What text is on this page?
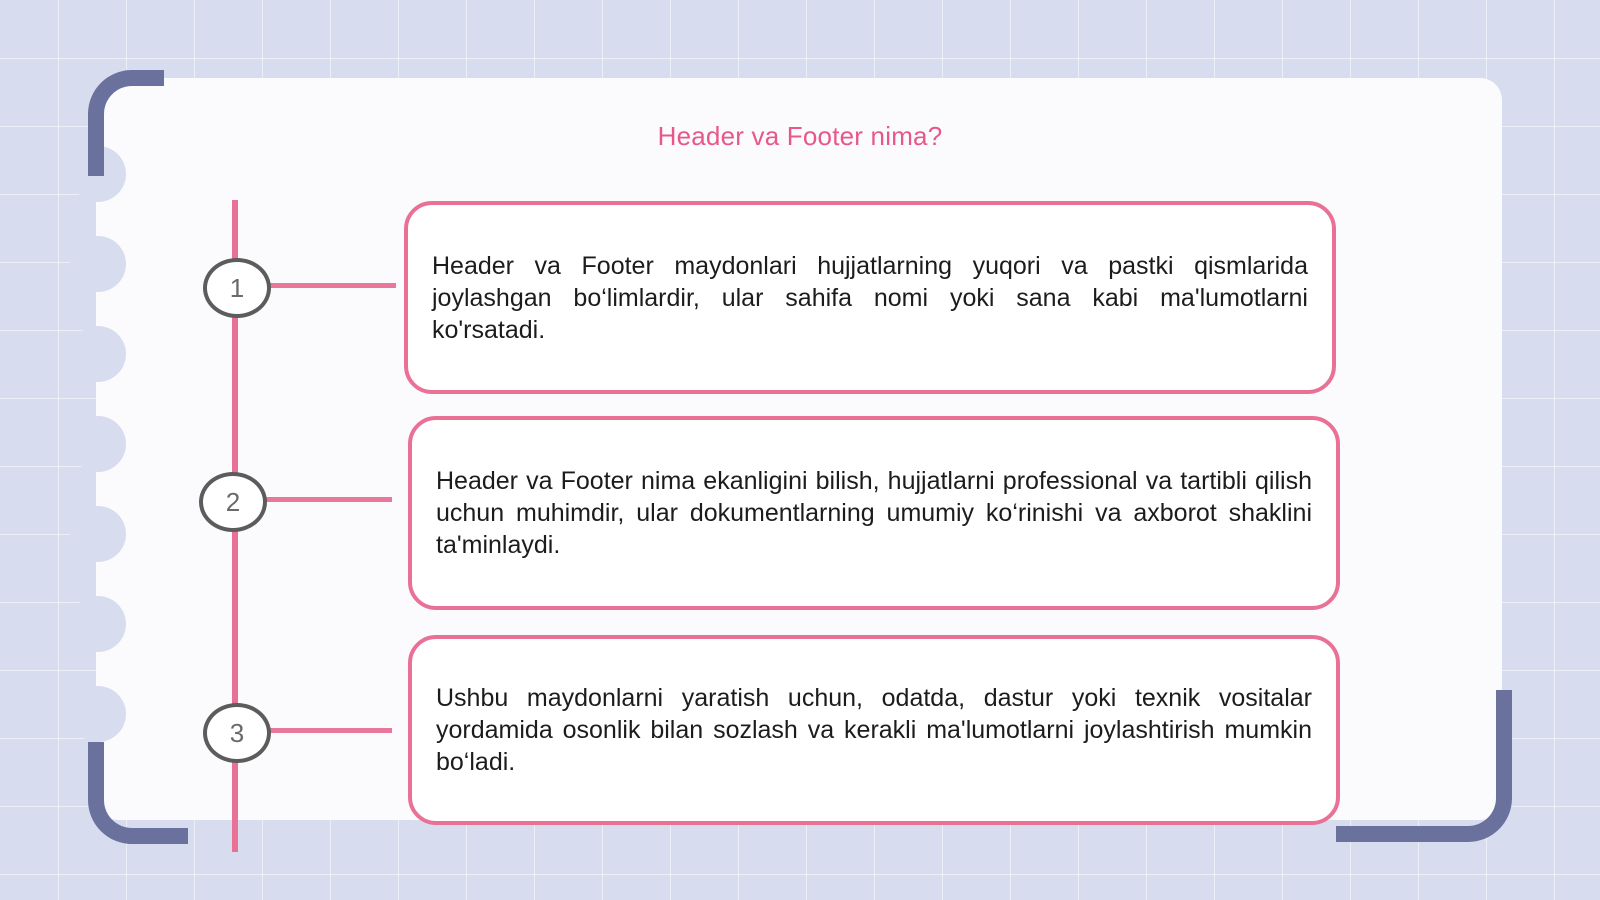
Header va Footer nima?
1
Header va Footer maydonlari hujjatlarning yuqori va pastki qismlarida joylashgan bo‘limlardir, ular sahifa nomi yoki sana kabi ma'lumotlarni ko'rsatadi.
2
Header va Footer nima ekanligini bilish, hujjatlarni professional va tartibli qilish uchun muhimdir, ular dokumentlarning umumiy ko‘rinishi va axborot shaklini ta'minlaydi.
3
Ushbu maydonlarni yaratish uchun, odatda, dastur yoki texnik vositalar yordamida osonlik bilan sozlash va kerakli ma'lumotlarni joylashtirish mumkin bo‘ladi.
